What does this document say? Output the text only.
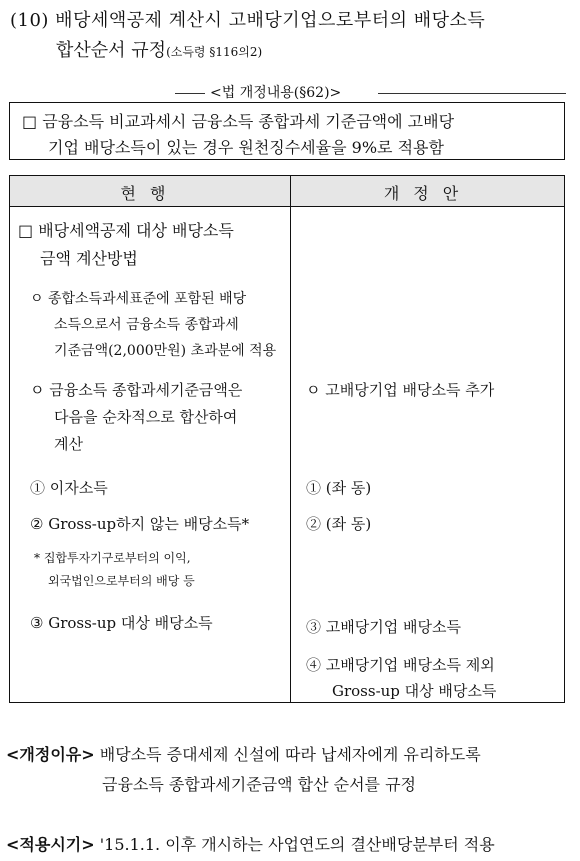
(10) 배당세액공제 계산시 고배당기업으로부터의 배당소득
합산순서 규정(소득령 §116의2)
<법 개정내용(§62)>
□ 금융소득 비교과세시 금융소득 종합과세 기준금액에 고배당
기업 배당소득이 있는 경우 원천징수세율을 9%로 적용함
현행	개정안
□ 배당세액공제 대상 배당소득
금액 계산방법
ㅇ 종합소득과세표준에 포함된 배당
소득으로서 금융소득 종합과세
기준금액(2,000만원) 초과분에 적용
ㅇ 금융소득 종합과세기준금액은
다음을 순차적으로 합산하여
계산
① 이자소득
② Gross-up하지 않는 배당소득*
* 집합투자기구로부터의 이익,
외국법인으로부터의 배당 등
③ Gross-up 대상 배당소득
ㅇ 고배당기업 배당소득 추가
① (좌 동)
② (좌 동)
③ 고배당기업 배당소득
④ 고배당기업 배당소득 제외
Gross-up 대상 배당소득
<개정이유> 배당소득 증대세제 신설에 따라 납세자에게 유리하도록
금융소득 종합과세기준금액 합산 순서를 규정
<적용시기> '15.1.1. 이후 개시하는 사업연도의 결산배당분부터 적용
